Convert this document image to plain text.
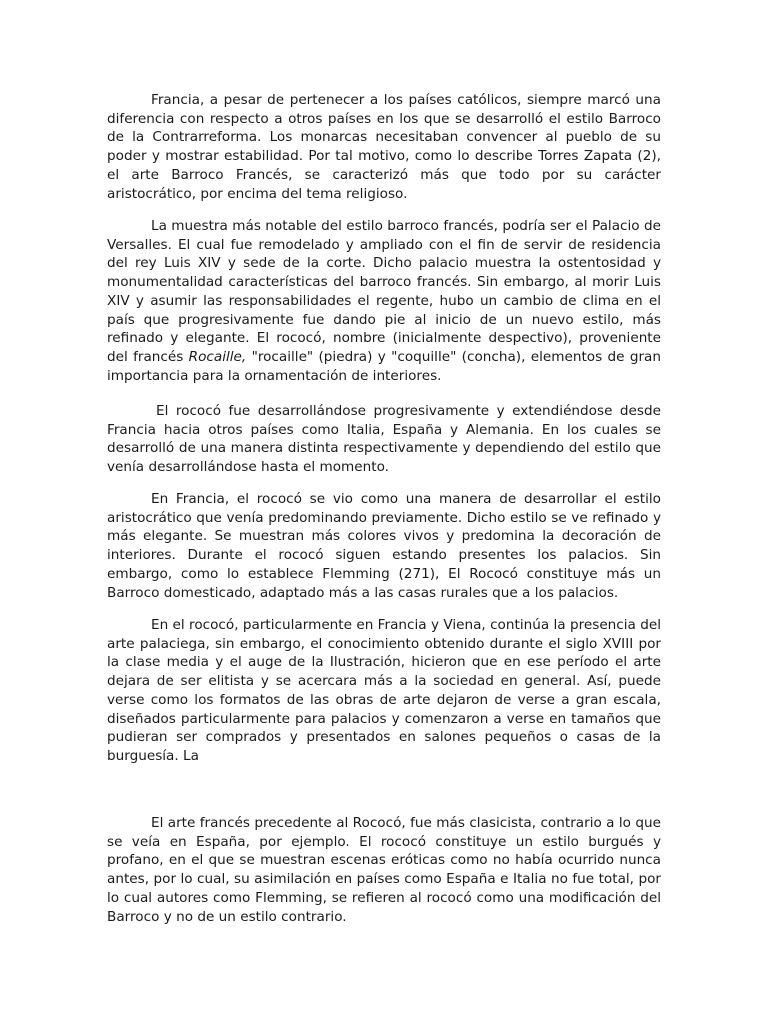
Francia, a pesar de pertenecer a los países católicos, siempre marcó una diferencia con respecto a otros países en los que se desarrolló el estilo Barroco de la Contrarreforma. Los monarcas necesitaban convencer al pueblo de su poder y mostrar estabilidad. Por tal motivo, como lo describe Torres Zapata (2), el arte Barroco Francés, se caracterizó más que todo por su carácter aristocrático, por encima del tema religioso.

La muestra más notable del estilo barroco francés, podría ser el Palacio de Versalles. El cual fue remodelado y ampliado con el fin de servir de residencia del rey Luis XIV y sede de la corte. Dicho palacio muestra la ostentosidad y monumentalidad características del barroco francés. Sin embargo, al morir Luis XIV y asumir las responsabilidades el regente, hubo un cambio de clima en el país que progresivamente fue dando pie al inicio de un nuevo estilo, más refinado y elegante. El rococó, nombre (inicialmente despectivo), proveniente del francés Rocaille, "rocaille" (piedra) y "coquille" (concha), elementos de gran importancia para la ornamentación de interiores.

El rococó fue desarrollándose progresivamente y extendiéndose desde Francia hacia otros países como Italia, España y Alemania. En los cuales se desarrolló de una manera distinta respectivamente y dependiendo del estilo que venía desarrollándose hasta el momento.

En Francia, el rococó se vio como una manera de desarrollar el estilo aristocrático que venía predominando previamente. Dicho estilo se ve refinado y más elegante. Se muestran más colores vivos y predomina la decoración de interiores. Durante el rococó siguen estando presentes los palacios. Sin embargo, como lo establece Flemming (271), El Rococó constituye más un Barroco domesticado, adaptado más a las casas rurales que a los palacios.

En el rococó, particularmente en Francia y Viena, continúa la presencia del arte palaciega, sin embargo, el conocimiento obtenido durante el siglo XVIII por la clase media y el auge de la Ilustración, hicieron que en ese período el arte dejara de ser elitista y se acercara más a la sociedad en general. Así, puede verse como los formatos de las obras de arte dejaron de verse a gran escala, diseñados particularmente para palacios y comenzaron a verse en tamaños que pudieran ser comprados y presentados en salones pequeños o casas de la burguesía. La

El arte francés precedente al Rococó, fue más clasicista, contrario a lo que se veía en España, por ejemplo. El rococó constituye un estilo burgués y profano, en el que se muestran escenas eróticas como no había ocurrido nunca antes, por lo cual, su asimilación en países como España e Italia no fue total, por lo cual autores como Flemming, se refieren al rococó como una modificación del Barroco y no de un estilo contrario.
